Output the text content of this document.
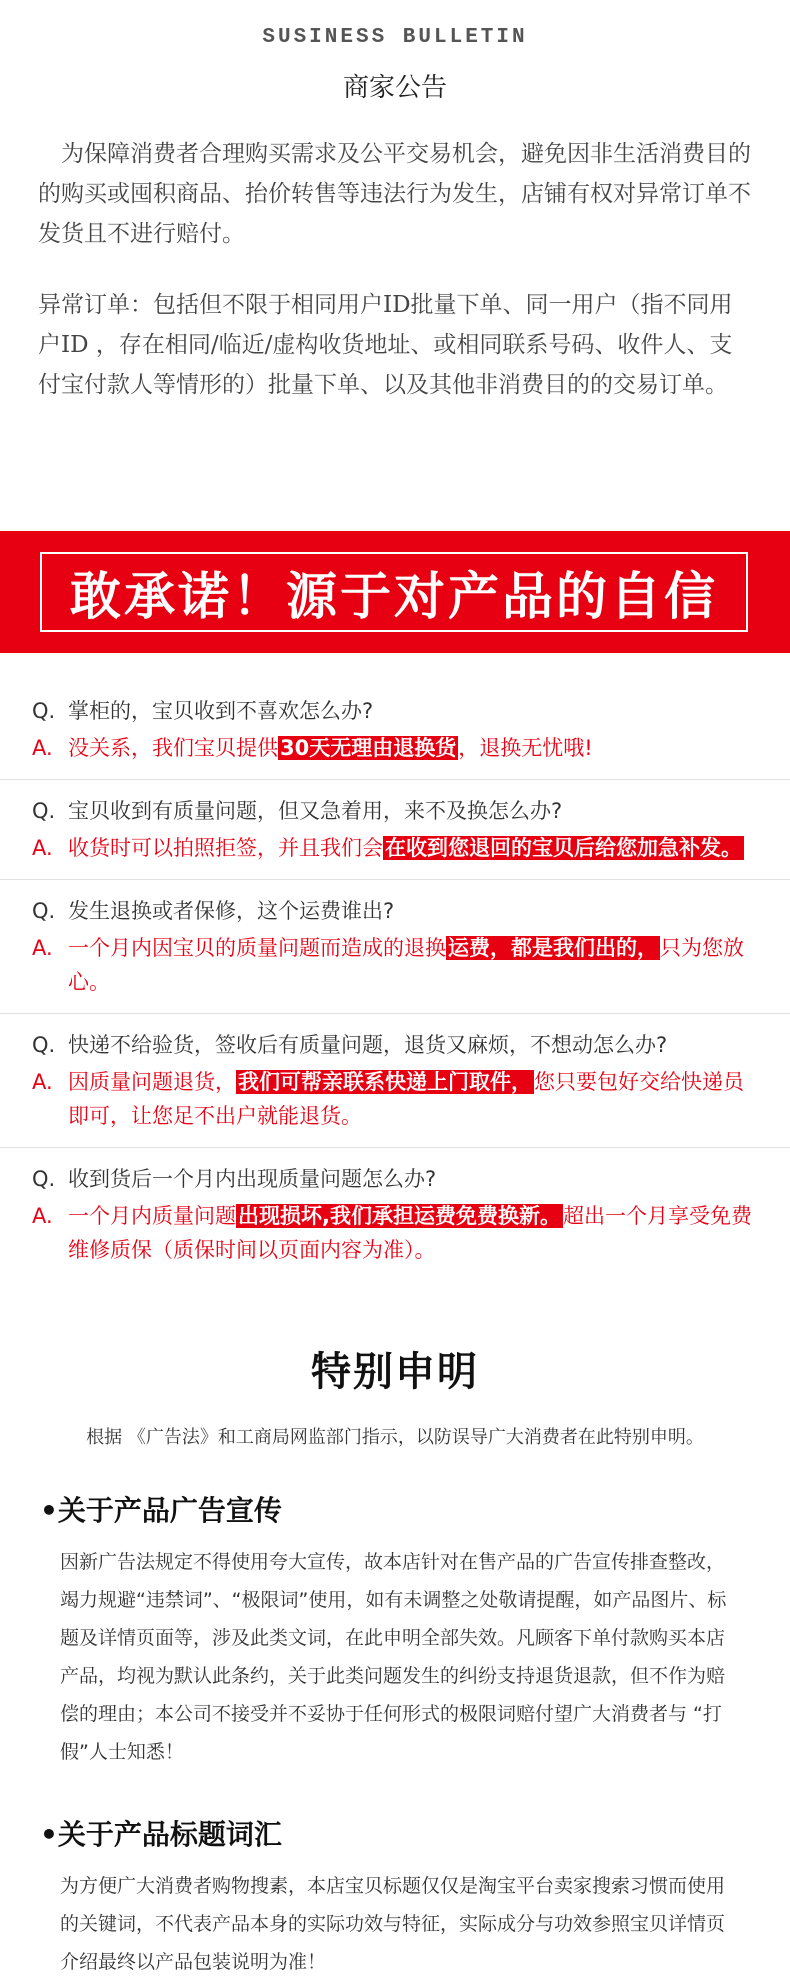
SUSINESS BULLETIN
商家公告

为保障消费者合理购买需求及公平交易机会，避免因非生活消费目的的购买或囤积商品、抬价转售等违法行为发生，店铺有权对异常订单不发货且不进行赔付。

异常订单：包括但不限于相同用户ID批量下单、同一用户（指不同用户ID ，存在相同/临近/虚构收货地址、或相同联系号码、收件人、支付宝付款人等情形的）批量下单、以及其他非消费目的的交易订单。

敢承诺！源于对产品的自信
Q. 掌柜的，宝贝收到不喜欢怎么办?
A. 没关系，我们宝贝提供30天无理由退换货，退换无忧哦!
Q. 宝贝收到有质量问题，但又急着用，来不及换怎么办?
A. 收货时可以拍照拒签，并且我们会在收到您退回的宝贝后给您加急补发。
Q. 发生退换或者保修，这个运费谁出?
A. 一个月内因宝贝的质量问题而造成的退换运费，都是我们出的，只为您放心。
Q. 快递不给验货，签收后有质量问题，退货又麻烦，不想动怎么办?
A. 因质量问题退货，我们可帮亲联系快递上门取件，您只要包好交给快递员即可，让您足不出户就能退货。
Q. 收到货后一个月内出现质量问题怎么办?
A. 一个月内质量问题出现损坏,我们承担运费免费换新。超出一个月享受免费维修质保（质保时间以页面内容为准）。
特别申明

根据 《广告法》和工商局网监部门指示，以防误导广大消费者在此特别申明。

•关于产品广告宣传
因新广告法规定不得使用夸大宣传，故本店针对在售产品的广告宣传排查整改，竭力规避“违禁词”、“极限词”使用，如有未调整之处敬请提醒，如产品图片、标题及详情页面等，涉及此类文词，在此申明全部失效。凡顾客下单付款购买本店产品，均视为默认此条约，关于此类问题发生的纠纷支持退货退款，但不作为赔偿的理由；本公司不接受并不妥协于任何形式的极限词赔付望广大消费者与 “打假”人士知悉！
•关于产品标题词汇
为方便广大消费者购物搜素，本店宝贝标题仅仅是淘宝平台卖家搜索习惯而使用的关键词，不代表产品本身的实际功效与特征，实际成分与功效参照宝贝详情页介绍最终以产品包装说明为准！
